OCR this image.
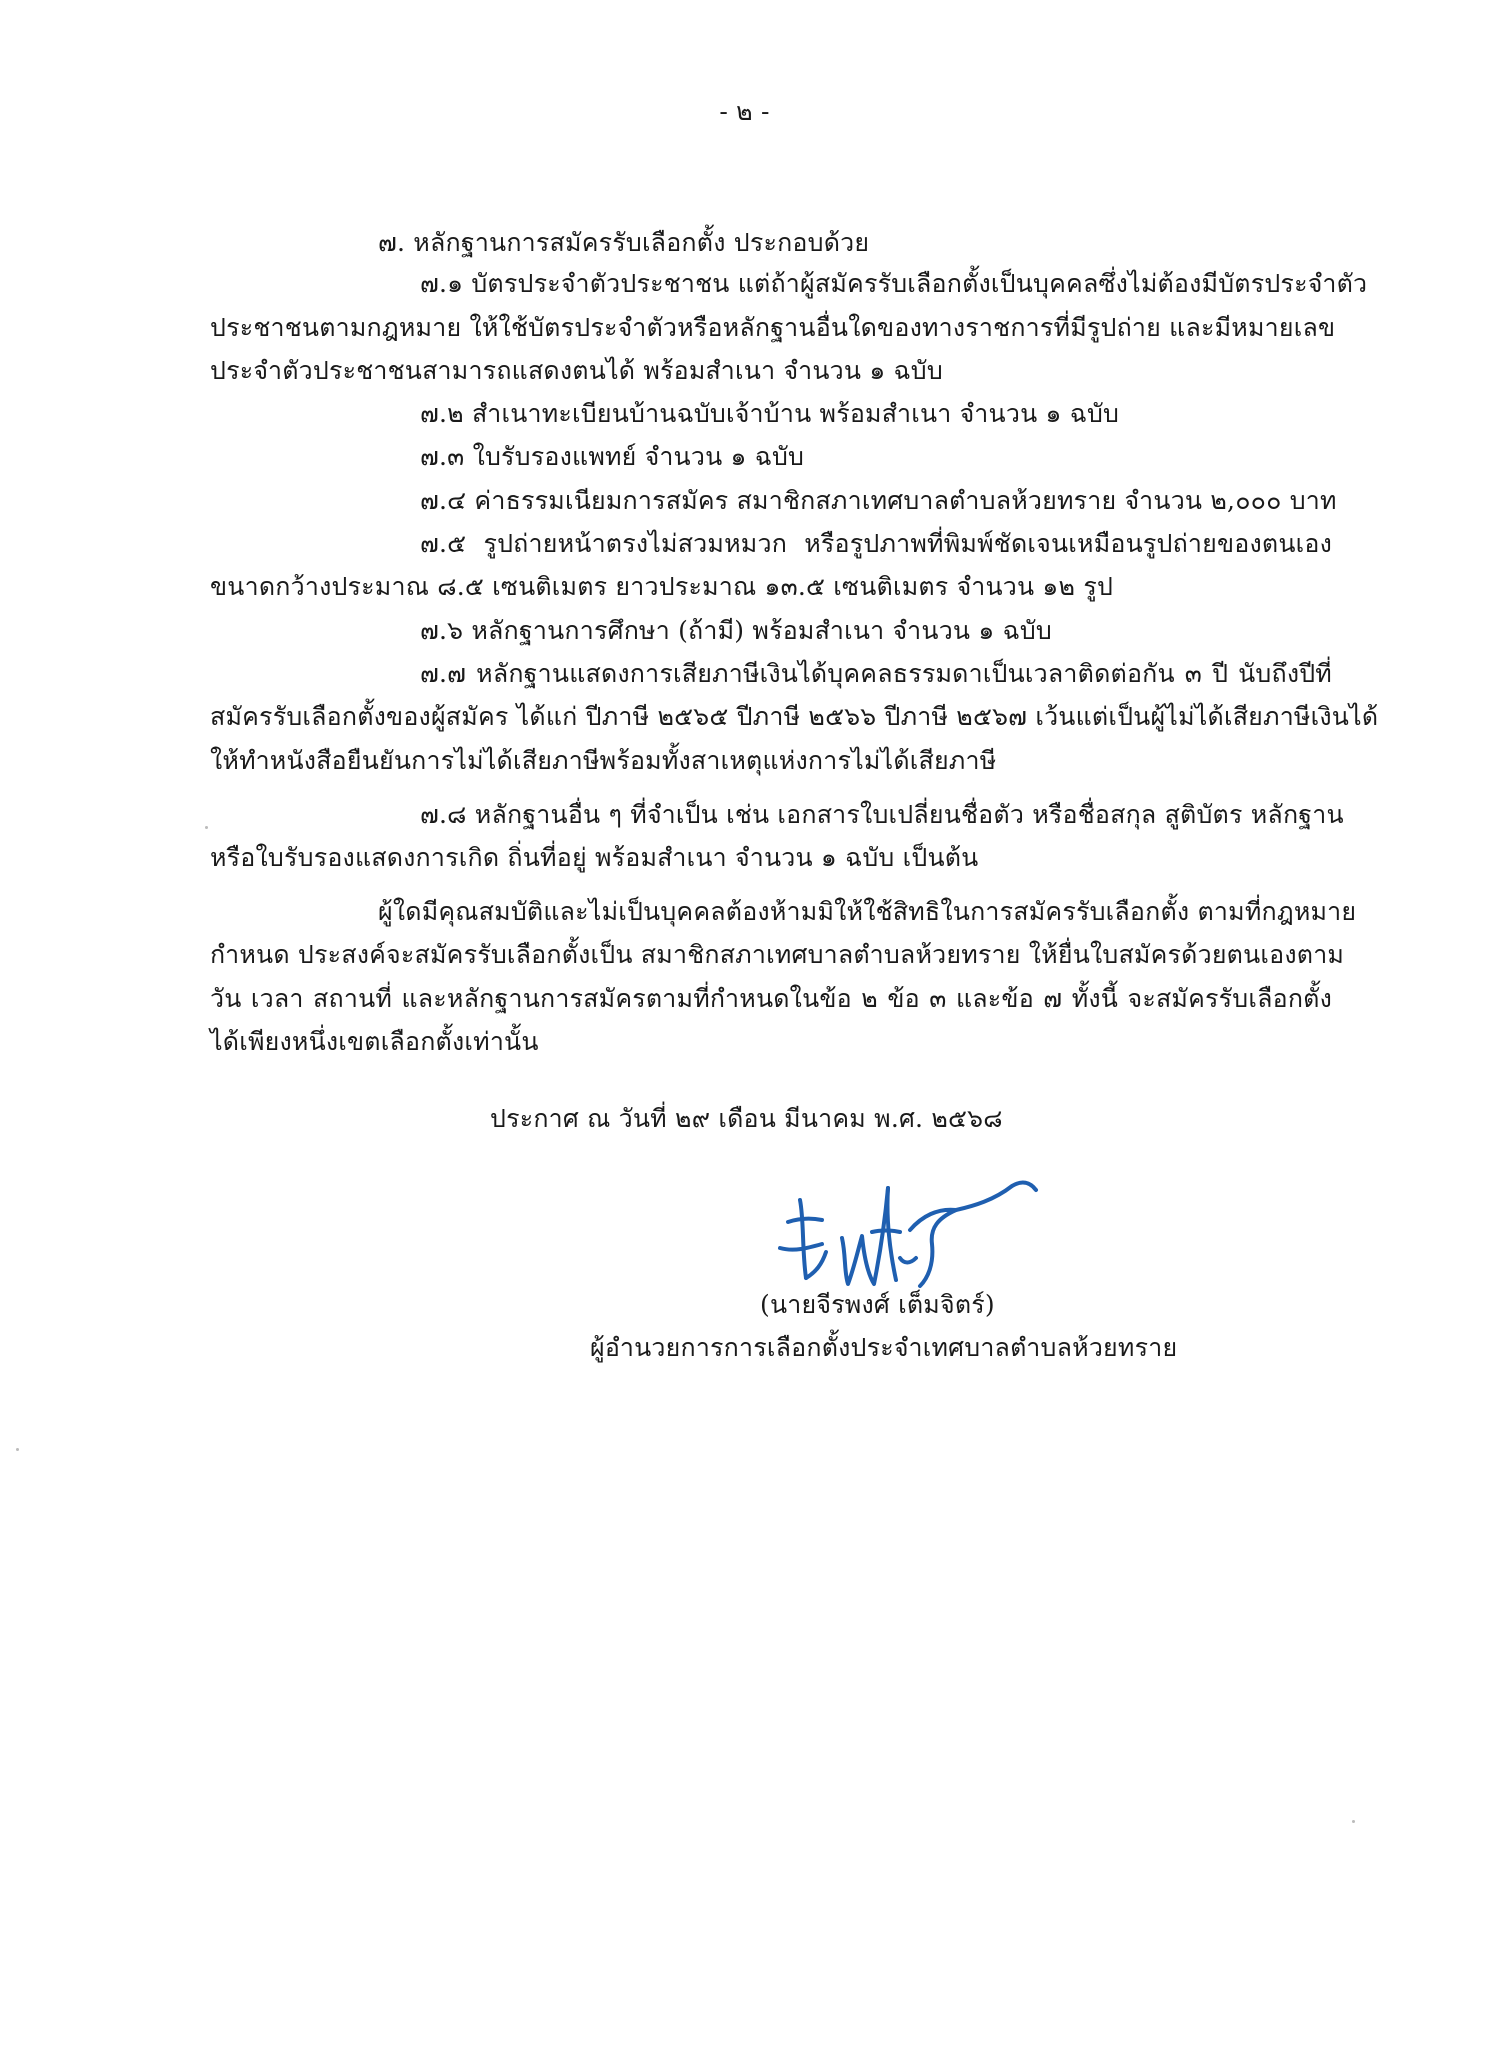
- ๒ -
๗. หลักฐานการสมัครรับเลือกตั้ง ประกอบด้วย
๗.๑ บัตรประจำตัวประชาชน แต่ถ้าผู้สมัครรับเลือกตั้งเป็นบุคคลซึ่งไม่ต้องมีบัตรประจำตัว
ประชาชนตามกฎหมาย ให้ใช้บัตรประจำตัวหรือหลักฐานอื่นใดของทางราชการที่มีรูปถ่าย และมีหมายเลข
ประจำตัวประชาชนสามารถแสดงตนได้ พร้อมสำเนา จำนวน ๑ ฉบับ
๗.๒ สำเนาทะเบียนบ้านฉบับเจ้าบ้าน พร้อมสำเนา จำนวน ๑ ฉบับ
๗.๓ ใบรับรองแพทย์ จำนวน ๑ ฉบับ
๗.๔ ค่าธรรมเนียมการสมัคร สมาชิกสภาเทศบาลตำบลห้วยทราย จำนวน ๒,๐๐๐ บาท
๗.๕ รูปถ่ายหน้าตรงไม่สวมหมวก หรือรูปภาพที่พิมพ์ชัดเจนเหมือนรูปถ่ายของตนเอง
ขนาดกว้างประมาณ ๘.๕ เซนติเมตร ยาวประมาณ ๑๓.๕ เซนติเมตร จำนวน ๑๒ รูป
๗.๖ หลักฐานการศึกษา (ถ้ามี) พร้อมสำเนา จำนวน ๑ ฉบับ
๗.๗ หลักฐานแสดงการเสียภาษีเงินได้บุคคลธรรมดาเป็นเวลาติดต่อกัน ๓ ปี นับถึงปีที่
สมัครรับเลือกตั้งของผู้สมัคร ได้แก่ ปีภาษี ๒๕๖๕ ปีภาษี ๒๕๖๖ ปีภาษี ๒๕๖๗ เว้นแต่เป็นผู้ไม่ได้เสียภาษีเงินได้
ให้ทำหนังสือยืนยันการไม่ได้เสียภาษีพร้อมทั้งสาเหตุแห่งการไม่ได้เสียภาษี
๗.๘ หลักฐานอื่น ๆ ที่จำเป็น เช่น เอกสารใบเปลี่ยนชื่อตัว หรือชื่อสกุล สูติบัตร หลักฐาน
หรือใบรับรองแสดงการเกิด ถิ่นที่อยู่ พร้อมสำเนา จำนวน ๑ ฉบับ เป็นต้น
ผู้ใดมีคุณสมบัติและไม่เป็นบุคคลต้องห้ามมิให้ใช้สิทธิในการสมัครรับเลือกตั้ง ตามที่กฎหมาย
กำหนด ประสงค์จะสมัครรับเลือกตั้งเป็น สมาชิกสภาเทศบาลตำบลห้วยทราย ให้ยื่นใบสมัครด้วยตนเองตาม
วัน เวลา สถานที่ และหลักฐานการสมัครตามที่กำหนดในข้อ ๒ ข้อ ๓ และข้อ ๗ ทั้งนี้ จะสมัครรับเลือกตั้ง
ได้เพียงหนึ่งเขตเลือกตั้งเท่านั้น
ประกาศ ณ วันที่ ๒๙ เดือน มีนาคม พ.ศ. ๒๕๖๘
(นายจีรพงศ์ เต็มจิตร์)
ผู้อำนวยการการเลือกตั้งประจำเทศบาลตำบลห้วยทราย
